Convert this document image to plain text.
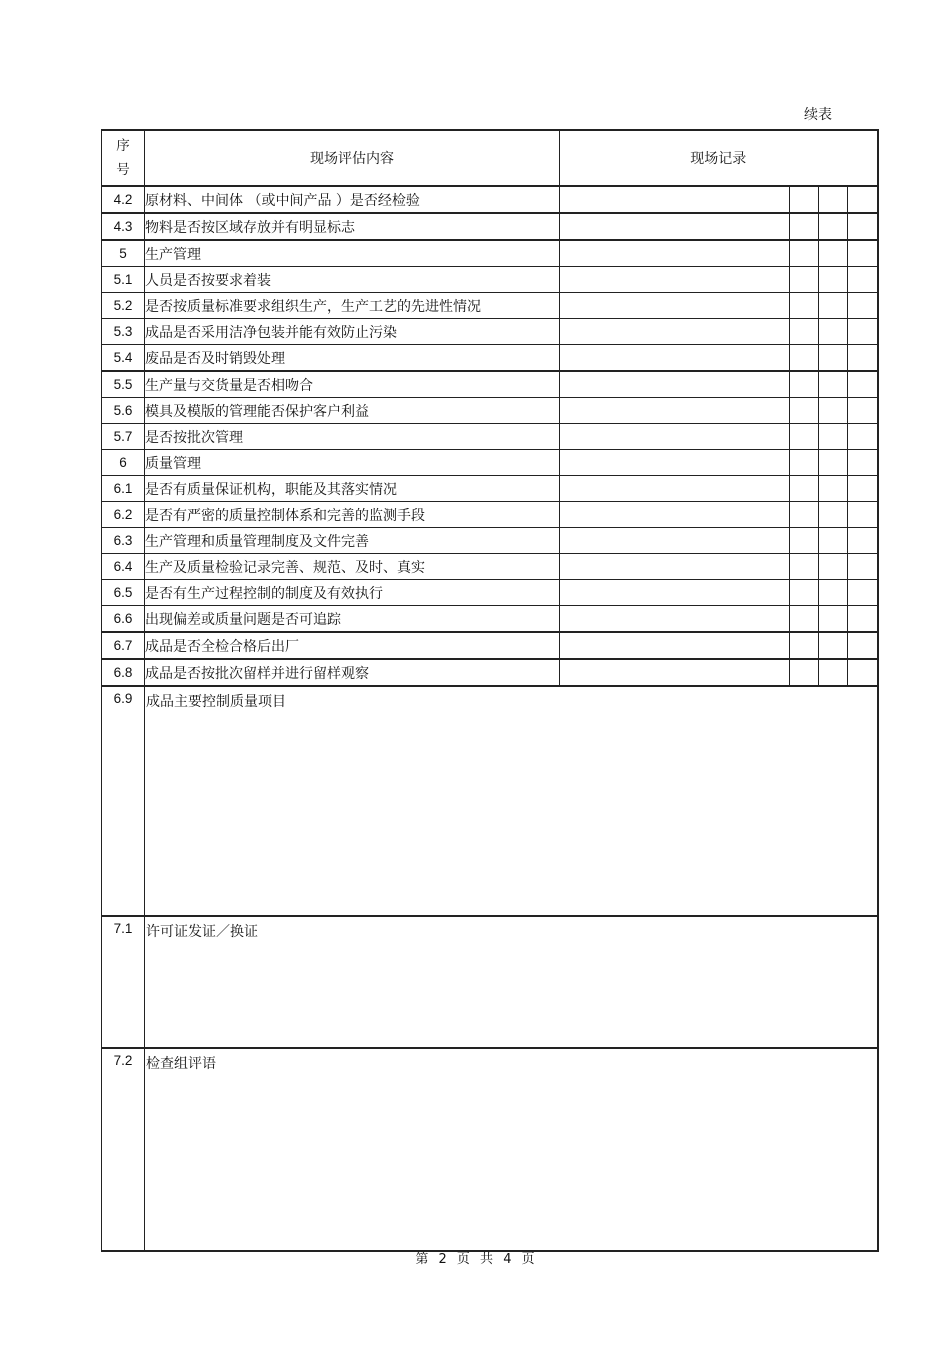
续表
序
号	现场评估内容	现场记录			
4.2	原材料、中间体 （或中间产品 ）是否经检验				
4.3	物料是否按区域存放并有明显标志				
5	生产管理				
5.1	人员是否按要求着装				
5.2	是否按质量标准要求组织生产，生产工艺的先进性情况				
5.3	成品是否采用洁净包装并能有效防止污染				
5.4	废品是否及时销毁处理				
5.5	生产量与交货量是否相吻合				
5.6	模具及模版的管理能否保护客户利益				
5.7	是否按批次管理				
6	质量管理				
6.1	是否有质量保证机构，职能及其落实情况				
6.2	是否有严密的质量控制体系和完善的监测手段				
6.3	生产管理和质量管理制度及文件完善				
6.4	生产及质量检验记录完善、规范、及时、真实				
6.5	是否有生产过程控制的制度及有效执行				
6.6	出现偏差或质量问题是否可追踪				
6.7	成品是否全检合格后出厂				
6.8	成品是否按批次留样并进行留样观察				
6.9	成品主要控制质量项目				
7.1	许可证发证／换证				
7.2	检查组评语				
第 2 页 共 4 页
